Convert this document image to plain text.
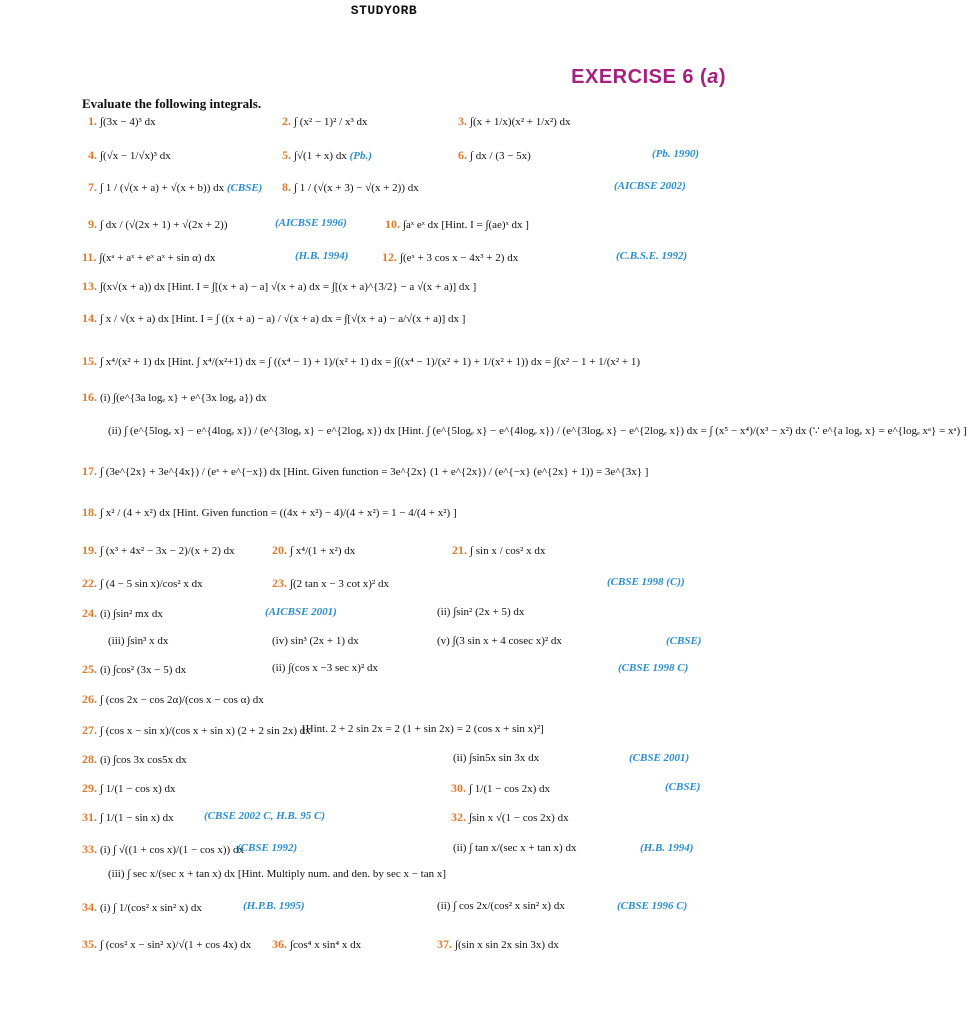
STUDYORB
EXERCISE 6 (a)
Evaluate the following integrals.
1. ∫(3x − 4)³ dx	2. ∫ (x² − 1)² / x³ dx	3. ∫(x + 1/x)(x² + 1/x²) dx
4. ∫(√x − 1/√x)³ dx	5. ∫√(1 + x) dx (Pb.)	6. ∫ dx / (3 − 5x)	(Pb. 1990)
7. ∫ 1 / (√(x + a) + √(x + b)) dx (CBSE) 8. ∫ 1 / (√(x + 3) − √(x + 2)) dx	(AICBSE 2002)
9. ∫ dx / (√(2x + 1) + √(2x + 2))	(AICBSE 1996)	10. ∫aˣ eˣ dx [Hint. I = ∫(ae)ˣ dx ]
11. ∫(xᵃ + aˣ + eˣ aˣ + sin α) dx	(H.B. 1994)	12. ∫(eˣ + 3 cos x − 4x³ + 2) dx	(C.B.S.E. 1992)
13. ∫(x√(x + a)) dx [Hint. I = ∫[(x + a) − a] √(x + a) dx = ∫[(x + a)^{3/2} − a √(x + a)] dx ]
14. ∫ x / √(x + a) dx [Hint. I = ∫ ((x + a) − a) / √(x + a) dx = ∫[√(x + a) − a/√(x + a)] dx ]
15. ∫ x⁴/(x² + 1) dx [Hint. ∫ x⁴/(x²+1) dx = ∫ ((x⁴ − 1) + 1)/(x² + 1) dx = ∫((x⁴ − 1)/(x² + 1) + 1/(x² + 1)) dx = ∫(x² − 1 + 1/(x² + 1)
16. (i) ∫(e^{3a logₑ x} + e^{3x logₑ a}) dx
(ii) ∫ (e^{5logₑ x} − e^{4logₑ x}) / (e^{3logₑ x} − e^{2logₑ x}) dx [Hint. ∫ (e^{5logₑ x} − e^{4logₑ x}) / (e^{3logₑ x} − e^{2logₑ x}) dx = ∫ (x⁵ − x⁴)/(x³ − x²) dx (∵ e^{a logₑ x} = e^{logₑ xᵃ} = xᵃ) ]
17. ∫ (3e^{2x} + 3e^{4x}) / (eˣ + e^{−x}) dx [Hint. Given function = 3e^{2x} (1 + e^{2x}) / (e^{−x} (e^{2x} + 1)) = 3e^{3x} ]
18. ∫ x² / (4 + x²) dx [Hint. Given function = ((4x + x²) − 4)/(4 + x²) = 1 − 4/(4 + x²) ]
19. ∫ (x³ + 4x² − 3x − 2)/(x + 2) dx	20. ∫ x⁴/(1 + x²) dx	21. ∫ sin x / cos² x dx
22. ∫ (4 − 5 sin x)/cos² x dx	23. ∫(2 tan x − 3 cot x)² dx	(CBSE 1998 (C))
24. (i) ∫sin² mx dx	(AICBSE 2001)	(ii) ∫sin² (2x + 5) dx
(iii) ∫sin³ x dx	(iv) sin³ (2x + 1) dx	(v) ∫(3 sin x + 4 cosec x)² dx	(CBSE)
25. (i) ∫cos² (3x − 5) dx	(ii) ∫(cos x −3 sec x)² dx	(CBSE 1998 C)
26. ∫ (cos 2x − cos 2α)/(cos x − cos α) dx
27. ∫ (cos x − sin x)/(cos x + sin x) (2 + 2 sin 2x) dx
[Hint. 2 + 2 sin 2x = 2 (1 + sin 2x) = 2 (cos x + sin x)²]
28. (i) ∫cos 3x cos5x dx	(ii) ∫sin5x sin 3x dx	(CBSE 2001)
29. ∫ 1/(1 − cos x) dx	30. ∫ 1/(1 − cos 2x) dx	(CBSE)
31. ∫ 1/(1 − sin x) dx	(CBSE 2002 C, H.B. 95 C)	32. ∫sin x √(1 − cos 2x) dx
33. (i) ∫ √((1 + cos x)/(1 − cos x)) dx
(CBSE 1992)	(ii) ∫ tan x/(sec x + tan x) dx	(H.B. 1994)
(iii) ∫ sec x/(sec x + tan x) dx [Hint. Multiply num. and den. by sec x − tan x]
34. (i) ∫ 1/(cos² x sin² x) dx	(H.P.B. 1995)	(ii) ∫ cos 2x/(cos² x sin² x) dx	(CBSE 1996 C)
35. ∫ (cos² x − sin² x)/√(1 + cos 4x) dx 36. ∫cos⁴ x sin⁴ x dx	37. ∫(sin x sin 2x sin 3x) dx
